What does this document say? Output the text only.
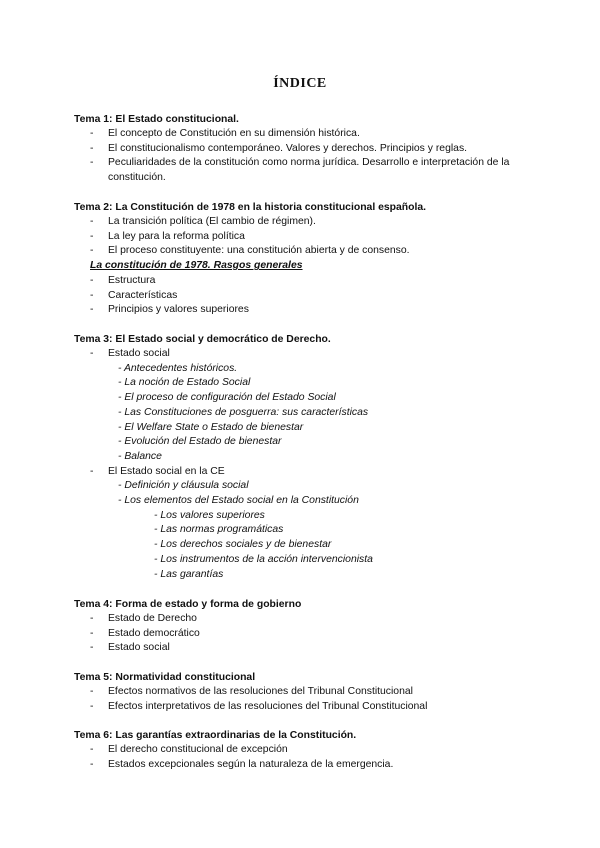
ÍNDICE
Tema 1: El Estado constitucional.
- El concepto de Constitución en su dimensión histórica.
- El constitucionalismo contemporáneo. Valores y derechos. Principios y reglas.
- Peculiaridades de la constitución como norma jurídica. Desarrollo e interpretación de la constitución.
Tema 2: La Constitución de 1978 en la historia constitucional española.
- La transición política (El cambio de régimen).
- La ley para la reforma política
- El proceso constituyente: una constitución abierta y de consenso.
La constitución de 1978. Rasgos generales
- Estructura
- Características
- Principios y valores superiores
Tema 3: El Estado social y democrático de Derecho.
- Estado social
- Antecedentes históricos.
- La noción de Estado Social
- El proceso de configuración del Estado Social
- Las Constituciones de posguerra: sus características
- El Welfare State o Estado de bienestar
- Evolución del Estado de bienestar
- Balance
- El Estado social en la CE
- Definición y cláusula social
- Los elementos del Estado social en la Constitución
- Los valores superiores
- Las normas programáticas
- Los derechos sociales y de bienestar
- Los instrumentos de la acción intervencionista
- Las garantías
Tema 4: Forma de estado y forma de gobierno
- Estado de Derecho
- Estado democrático
- Estado social
Tema 5: Normatividad constitucional
- Efectos normativos de las resoluciones del Tribunal Constitucional
- Efectos interpretativos de las resoluciones del Tribunal Constitucional
Tema 6: Las garantías extraordinarias de la Constitución.
- El derecho constitucional de excepción
- Estados excepcionales según la naturaleza de la emergencia.
